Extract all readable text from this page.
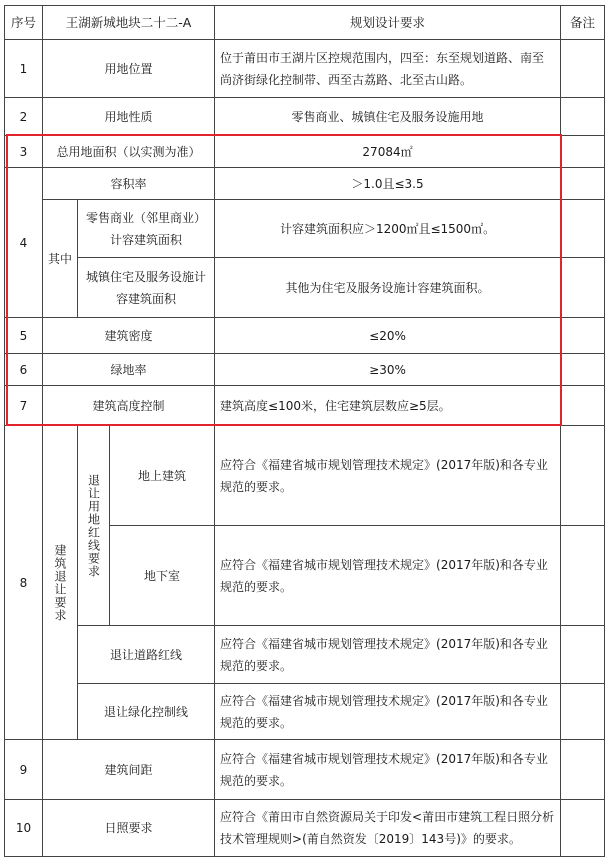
序号	王湖新城地块二十二-A			规划设计要求	备注
1	用地位置			位于莆田市王湖片区控规范围内，四至：东至规划道路、南至尚济街绿化控制带、西至古荔路、北至古山路。	
2	用地性质			零售商业、城镇住宅及服务设施用地	
3	总用地面积（以实测为准）			27084㎡	
4	容积率			＞1.0且≤3.5	
	其中	零售商业（邻里商业）计容建筑面积		计容建筑面积应＞1200㎡且≤1500㎡。	
		城镇住宅及服务设施计容建筑面积		其他为住宅及服务设施计容建筑面积。	
5	建筑密度			≤20%	
6	绿地率			≥30%	
7	建筑高度控制			建筑高度≤100米，住宅建筑层数应≥5层。	
8	建筑退让要求	退让用地红线要求	地上建筑	应符合《福建省城市规划管理技术规定》(2017年版)和各专业规范的要求。	
			地下室	应符合《福建省城市规划管理技术规定》(2017年版)和各专业规范的要求。	
		退让道路红线		应符合《福建省城市规划管理技术规定》(2017年版)和各专业规范的要求。	
		退让绿化控制线		应符合《福建省城市规划管理技术规定》(2017年版)和各专业规范的要求。	
9	建筑间距			应符合《福建省城市规划管理技术规定》(2017年版)和各专业规范的要求。	
10	日照要求			应符合《莆田市自然资源局关于印发<莆田市建筑工程日照分析技术管理规则>(莆自然资发〔2019〕143号)》的要求。	
